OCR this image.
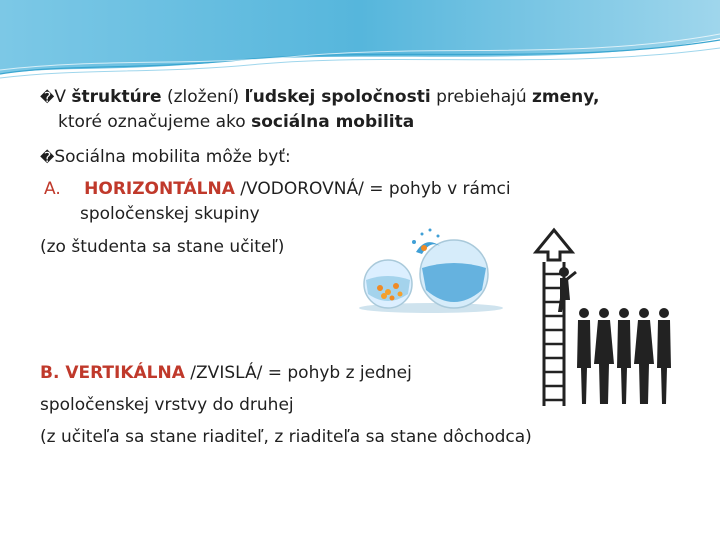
�V štruktúre (zložení) ľudskej spoločnosti prebiehajú zmeny,
ktoré označujeme ako sociálna mobilita
�Sociálna mobilita môže byť:
A. HORIZONTÁLNA /VODOROVNÁ/ = pohyb v rámci
spoločenskej skupiny
(zo študenta sa stane učiteľ)
B. VERTIKÁLNA /ZVISLÁ/ = pohyb z jednej
spoločenskej vrstvy do druhej
(z učiteľa sa stane riaditeľ, z riaditeľa sa stane dôchodca)
